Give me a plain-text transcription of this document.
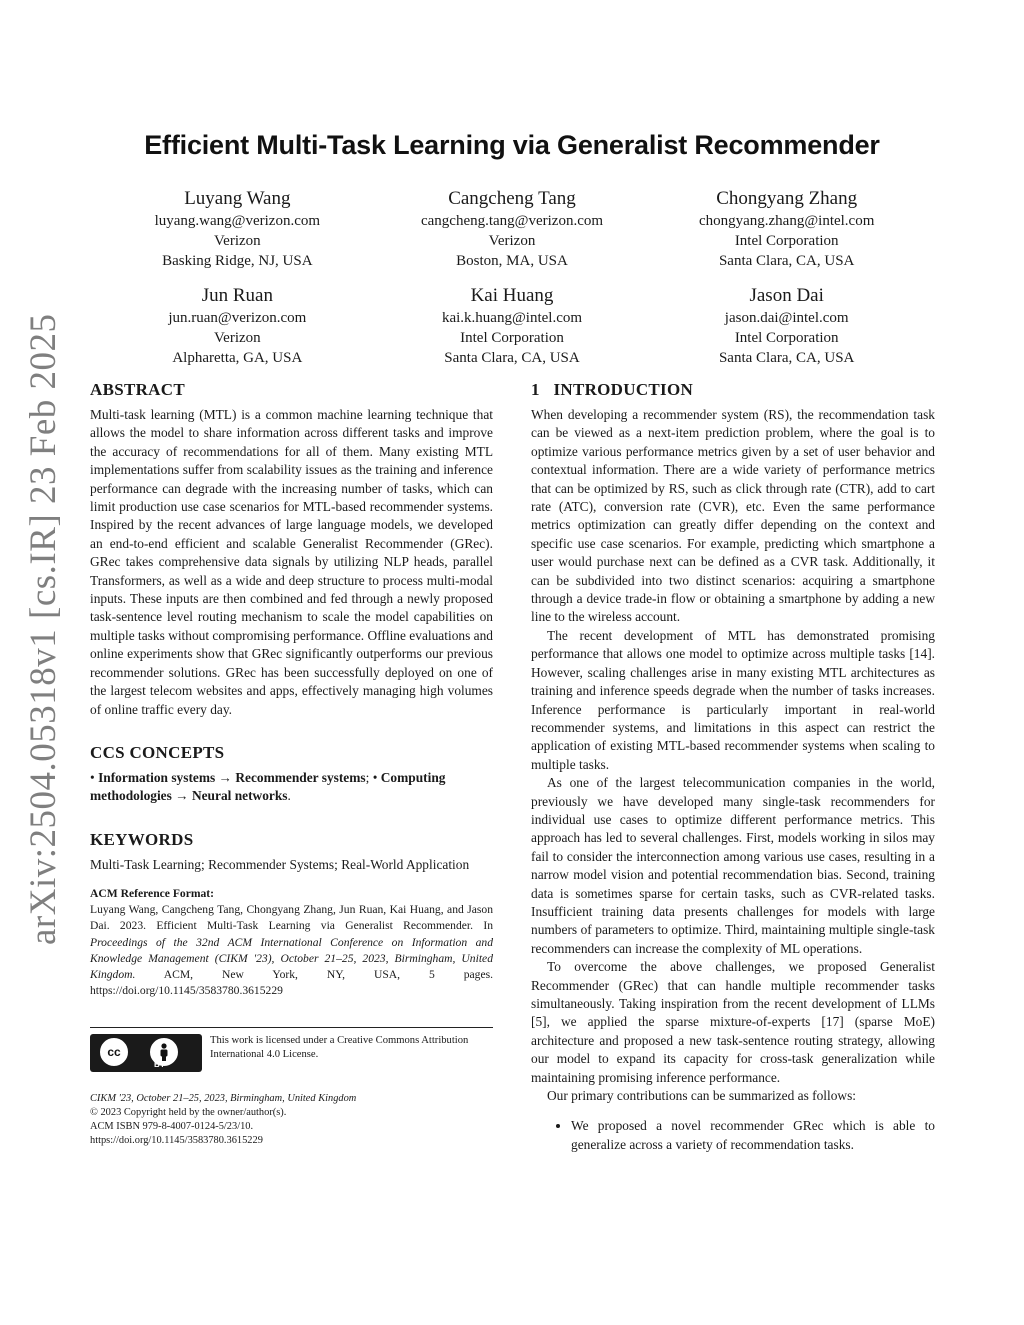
arXiv:2504.05318v1 [cs.IR] 23 Feb 2025
Efficient Multi-Task Learning via Generalist Recommender
Luyang Wang
luyang.wang@verizon.com
Verizon
Basking Ridge, NJ, USA
Cangcheng Tang
cangcheng.tang@verizon.com
Verizon
Boston, MA, USA
Chongyang Zhang
chongyang.zhang@intel.com
Intel Corporation
Santa Clara, CA, USA
Jun Ruan
jun.ruan@verizon.com
Verizon
Alpharetta, GA, USA
Kai Huang
kai.k.huang@intel.com
Intel Corporation
Santa Clara, CA, USA
Jason Dai
jason.dai@intel.com
Intel Corporation
Santa Clara, CA, USA
ABSTRACT

Multi-task learning (MTL) is a common machine learning technique that allows the model to share information across different tasks and improve the accuracy of recommendations for all of them. Many existing MTL implementations suffer from scalability issues as the training and inference performance can degrade with the increasing number of tasks, which can limit production use case scenarios for MTL-based recommender systems. Inspired by the recent advances of large language models, we developed an end-to-end efficient and scalable Generalist Recommender (GRec). GRec takes comprehensive data signals by utilizing NLP heads, parallel Transformers, as well as a wide and deep structure to process multi-modal inputs. These inputs are then combined and fed through a newly proposed task-sentence level routing mechanism to scale the model capabilities on multiple tasks without compromising performance. Offline evaluations and online experiments show that GRec significantly outperforms our previous recommender solutions. GRec has been successfully deployed on one of the largest telecom websites and apps, effectively managing high volumes of online traffic every day.

CCS CONCEPTS
• Information systems → Recommender systems; • Computing methodologies → Neural networks.
KEYWORDS

Multi-Task Learning; Recommender Systems; Real-World Application

ACM Reference Format:
Luyang Wang, Cangcheng Tang, Chongyang Zhang, Jun Ruan, Kai Huang, and Jason Dai. 2023. Efficient Multi-Task Learning via Generalist Recommender. In Proceedings of the 32nd ACM International Conference on Information and Knowledge Management (CIKM '23), October 21–25, 2023, Birmingham, United Kingdom. ACM, New York, NY, USA, 5 pages. https://doi.org/10.1145/3583780.3615229
cc
BY
This work is licensed under a Creative Commons Attribution International 4.0 License.
CIKM '23, October 21–25, 2023, Birmingham, United Kingdom
© 2023 Copyright held by the owner/author(s).
ACM ISBN 979-8-4007-0124-5/23/10.
https://doi.org/10.1145/3583780.3615229
1   INTRODUCTION

When developing a recommender system (RS), the recommendation task can be viewed as a next-item prediction problem, where the goal is to optimize various performance metrics given by a set of user behavior and contextual information. There are a wide variety of performance metrics that can be optimized by RS, such as click through rate (CTR), add to cart rate (ATC), conversion rate (CVR), etc. Even the same performance metrics optimization can greatly differ depending on the context and specific use case scenarios. For example, predicting which smartphone a user would purchase next can be defined as a CVR task. Additionally, it can be subdivided into two distinct scenarios: acquiring a smartphone through a device trade-in flow or obtaining a smartphone by adding a new line to the wireless account.

The recent development of MTL has demonstrated promising performance that allows one model to optimize across multiple tasks [14]. However, scaling challenges arise in many existing MTL architectures as training and inference speeds degrade when the number of tasks increases. Inference performance is particularly important in real-world recommender systems, and limitations in this aspect can restrict the application of existing MTL-based recommender systems when scaling to multiple tasks.

As one of the largest telecommunication companies in the world, previously we have developed many single-task recommenders for individual use cases to optimize different performance metrics. This approach has led to several challenges. First, models working in silos may fail to consider the interconnection among various use cases, resulting in a narrow model vision and potential recommendation bias. Second, training data is sometimes sparse for certain tasks, such as CVR-related tasks. Insufficient training data presents challenges for models with large numbers of parameters to optimize. Third, maintaining multiple single-task recommenders can increase the complexity of ML operations.

To overcome the above challenges, we proposed Generalist Recommender (GRec) that can handle multiple recommender tasks simultaneously. Taking inspiration from the recent development of LLMs [5], we applied the sparse mixture-of-experts [17] (sparse MoE) architecture and proposed a new task-sentence routing strategy, allowing our model to expand its capacity for cross-task generalization while maintaining promising inference performance.

Our primary contributions can be summarized as follows:

• We proposed a novel recommender GRec which is able to generalize across a variety of recommendation tasks.
